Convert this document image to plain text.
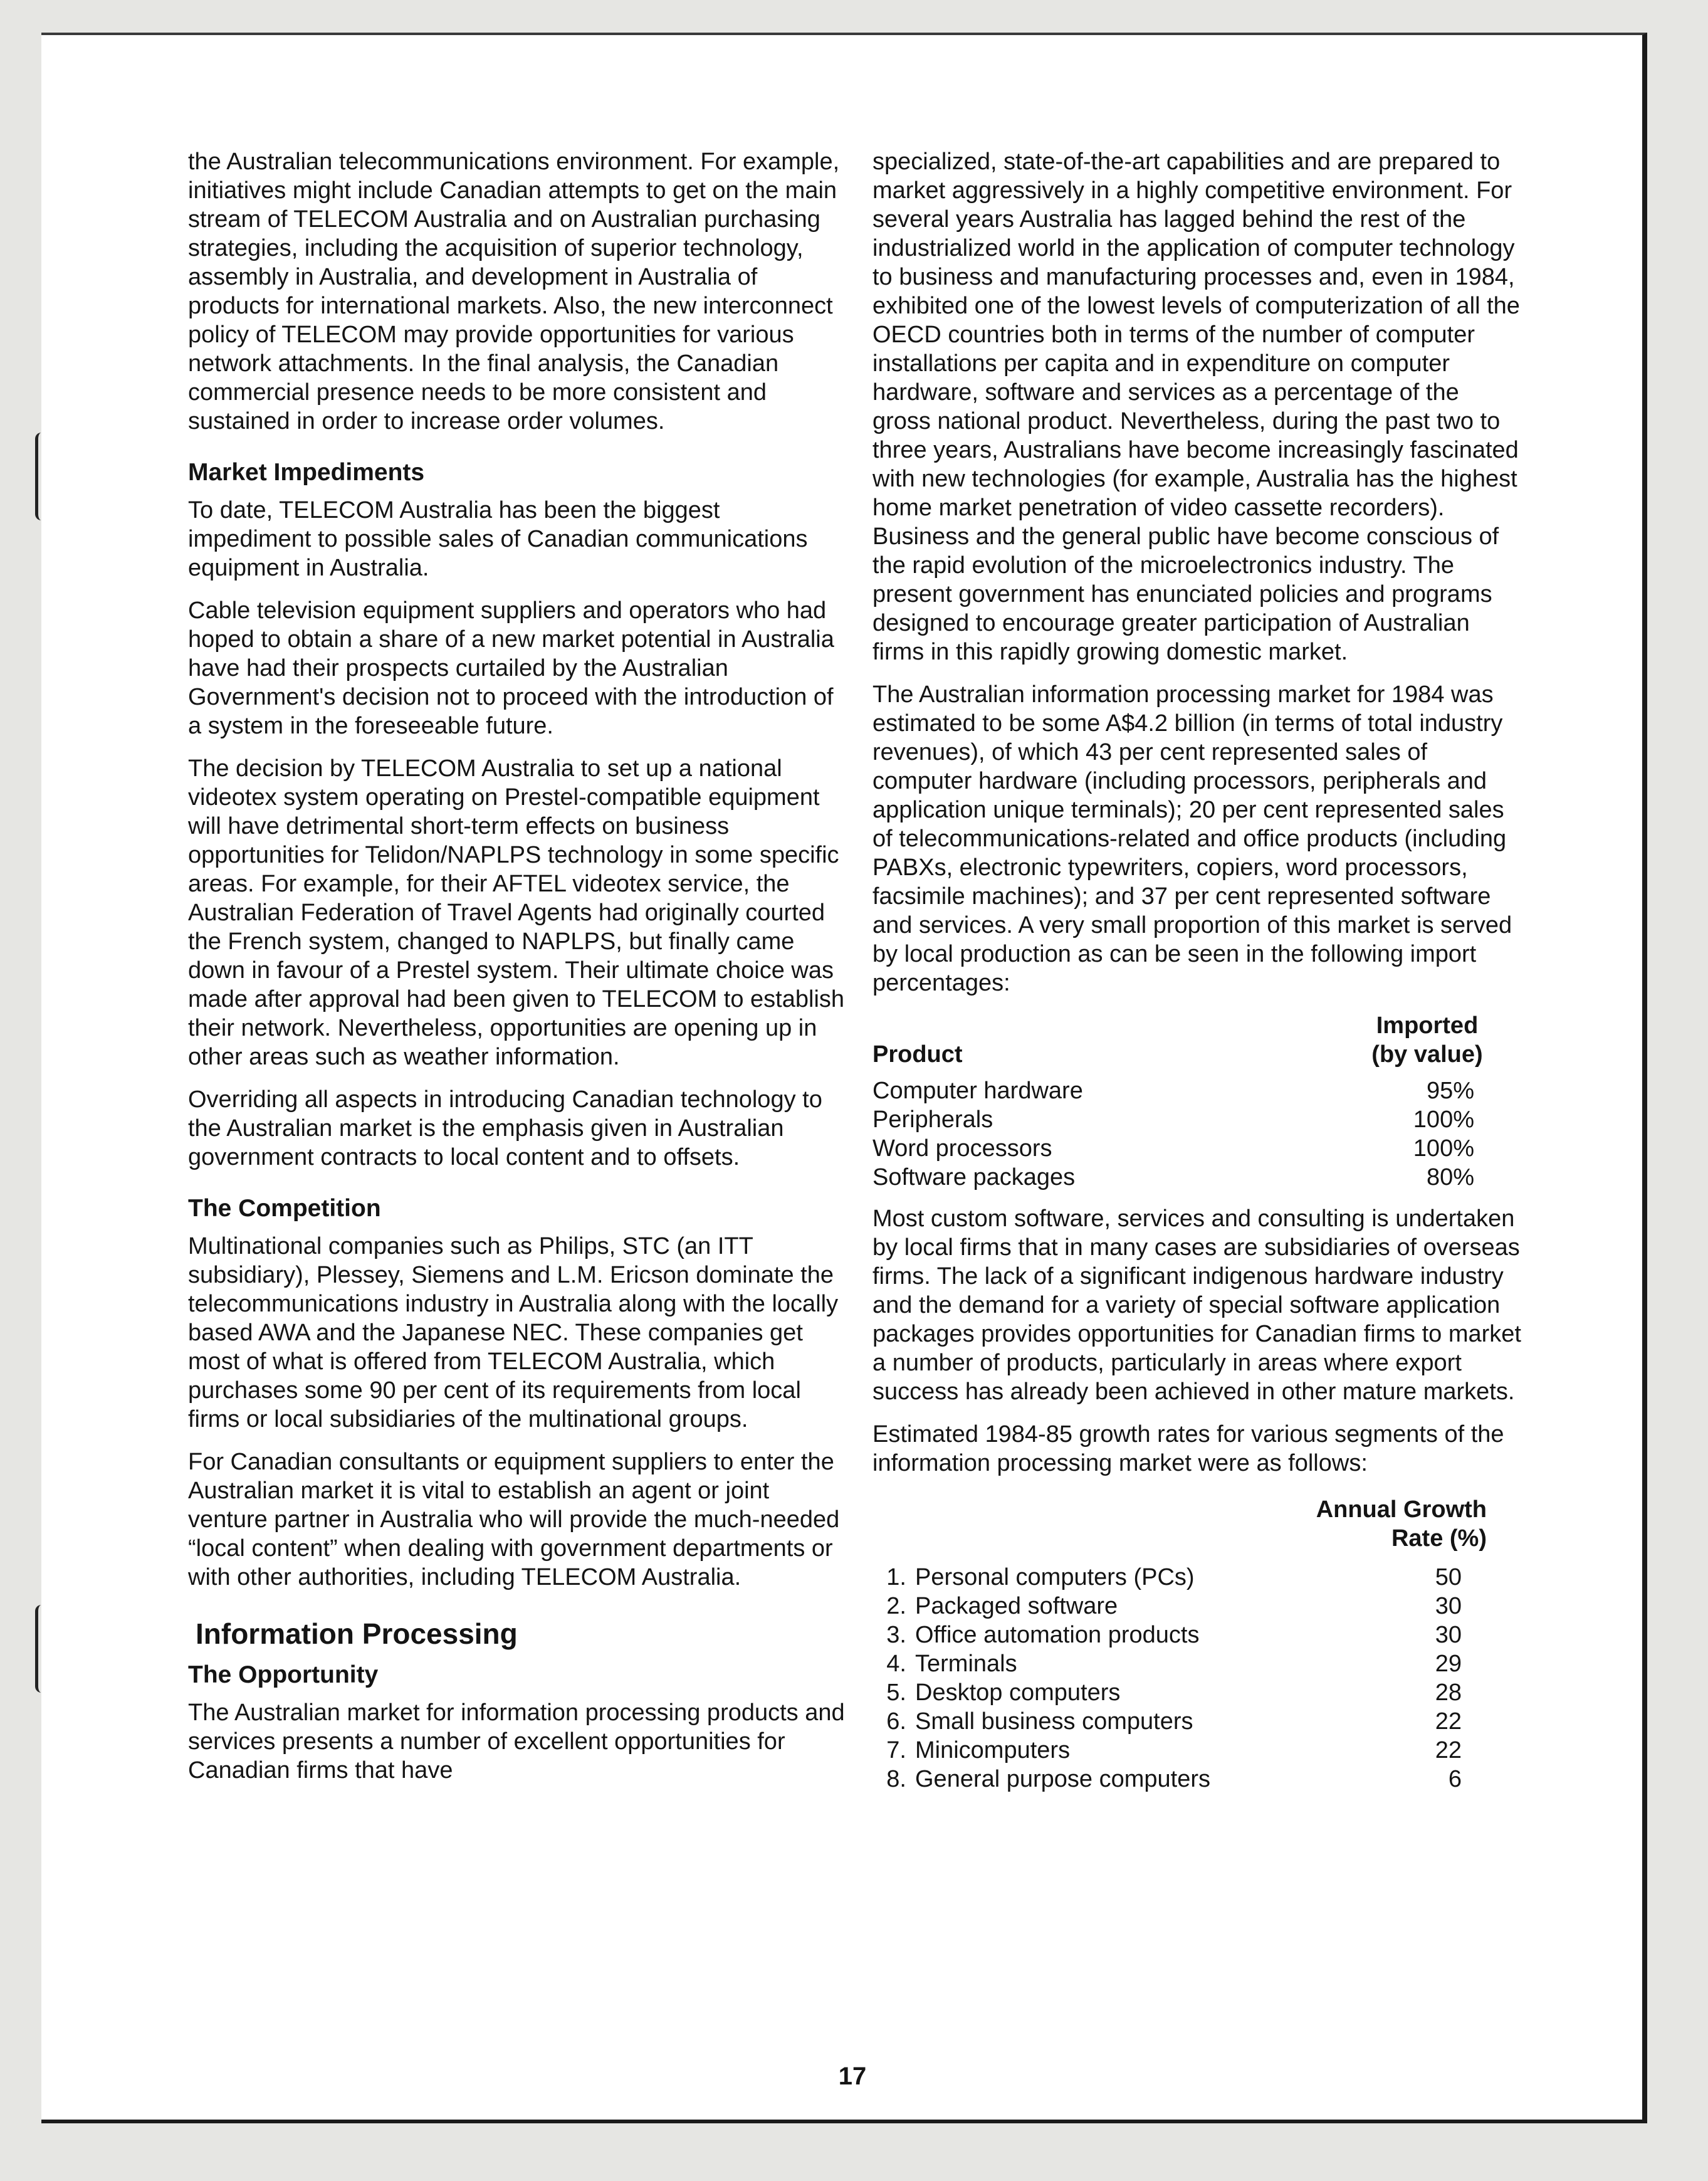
the Australian telecommunications environment. For example, initiatives might include Canadian attempts to get on the main stream of TELECOM Australia and on Australian purchasing strategies, including the acquisition of superior technology, assembly in Australia, and development in Australia of products for international markets. Also, the new interconnect policy of TELECOM may provide opportunities for various network attachments. In the final analysis, the Canadian commercial presence needs to be more consistent and sustained in order to increase order volumes.

Market Impediments

To date, TELECOM Australia has been the biggest impediment to possible sales of Canadian communications equipment in Australia.

Cable television equipment suppliers and operators who had hoped to obtain a share of a new market potential in Australia have had their prospects curtailed by the Australian Government's decision not to proceed with the introduction of a system in the foreseeable future.

The decision by TELECOM Australia to set up a national videotex system operating on Prestel-compatible equipment will have detrimental short-term effects on business opportunities for Telidon/NAPLPS technology in some specific areas. For example, for their AFTEL videotex service, the Australian Federation of Travel Agents had originally courted the French system, changed to NAPLPS, but finally came down in favour of a Prestel system. Their ultimate choice was made after approval had been given to TELECOM to establish their network. Nevertheless, opportunities are opening up in other areas such as weather information.

Overriding all aspects in introducing Canadian technology to the Australian market is the emphasis given in Australian government contracts to local content and to offsets.

The Competition

Multinational companies such as Philips, STC (an ITT subsidiary), Plessey, Siemens and L.M. Ericson dominate the telecommunications industry in Australia along with the locally based AWA and the Japanese NEC. These companies get most of what is offered from TELECOM Australia, which purchases some 90 per cent of its requirements from local firms or local subsidiaries of the multinational groups.

For Canadian consultants or equipment suppliers to enter the Australian market it is vital to establish an agent or joint venture partner in Australia who will provide the much-needed “local content” when dealing with government departments or with other authorities, including TELECOM Australia.

Information Processing
The Opportunity

The Australian market for information processing products and services presents a number of excellent opportunities for Canadian firms that have

specialized, state-of-the-art capabilities and are prepared to market aggressively in a highly competitive environment. For several years Australia has lagged behind the rest of the industrialized world in the application of computer technology to business and manufacturing processes and, even in 1984, exhibited one of the lowest levels of computerization of all the OECD countries both in terms of the number of computer installations per capita and in expenditure on computer hardware, software and services as a percentage of the gross national product. Nevertheless, during the past two to three years, Australians have become increasingly fascinated with new technologies (for example, Australia has the highest home market penetration of video cassette recorders). Business and the general public have become conscious of the rapid evolution of the microelectronics industry. The present government has enunciated policies and programs designed to encourage greater participation of Australian firms in this rapidly growing domestic market.

The Australian information processing market for 1984 was estimated to be some A$4.2 billion (in terms of total industry revenues), of which 43 per cent represented sales of computer hardware (including processors, peripherals and application unique terminals); 20 per cent represented sales of telecommunications-related and office products (including PABXs, electronic typewriters, copiers, word processors, facsimile machines); and 37 per cent represented software and services. A very small proportion of this market is served by local production as can be seen in the following import percentages:

Product
Imported
(by value)
Computer hardware	95%
Peripherals	100%
Word processors	100%
Software packages	80%

Most custom software, services and consulting is undertaken by local firms that in many cases are subsidiaries of overseas firms. The lack of a significant indigenous hardware industry and the demand for a variety of special software application packages provides opportunities for Canadian firms to market a number of products, particularly in areas where export success has already been achieved in other mature markets.

Estimated 1984-85 growth rates for various segments of the information processing market were as follows:

Annual Growth
Rate (%)
1. Personal computers (PCs)	50
2. Packaged software	30
3. Office automation products	30
4. Terminals	29
5. Desktop computers	28
6. Small business computers	22
7. Minicomputers	22
8. General purpose computers	6
17
